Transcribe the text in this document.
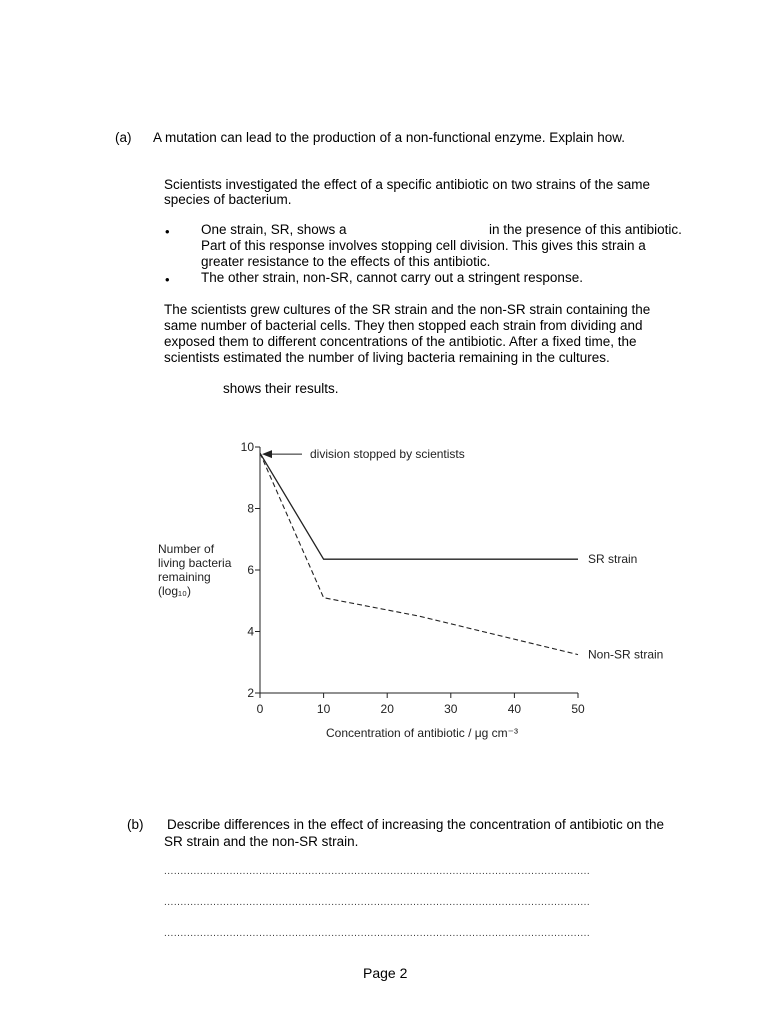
(a) A mutation can lead to the production of a non-functional enzyme. Explain how.
Scientists investigated the effect of a specific antibiotic on two strains of the same
species of bacterium.
• One strain, SR, shows a	in the presence of this antibiotic.
Part of this response involves stopping cell division. This gives this strain a
greater resistance to the effects of this antibiotic.
• The other strain, non-SR, cannot carry out a stringent response.
The scientists grew cultures of the SR strain and the non-SR strain containing the
same number of bacterial cells. They then stopped each strain from dividing and
exposed them to different concentrations of the antibiotic. After a fixed time, the
scientists estimated the number of living bacteria remaining in the cultures.
shows their results.
Number of
living bacteria
remaining
(log₁₀)
2
4
6
8
10
0	10	20	30	40	50
SR strain
Non-SR strain
division stopped by scientists
Concentration of antibiotic / μg cm⁻³
(b) Describe differences in the effect of increasing the concentration of antibiotic on the
SR strain and the non-SR strain.
..................................................................................................................................
..................................................................................................................................
..................................................................................................................................
Page 2
